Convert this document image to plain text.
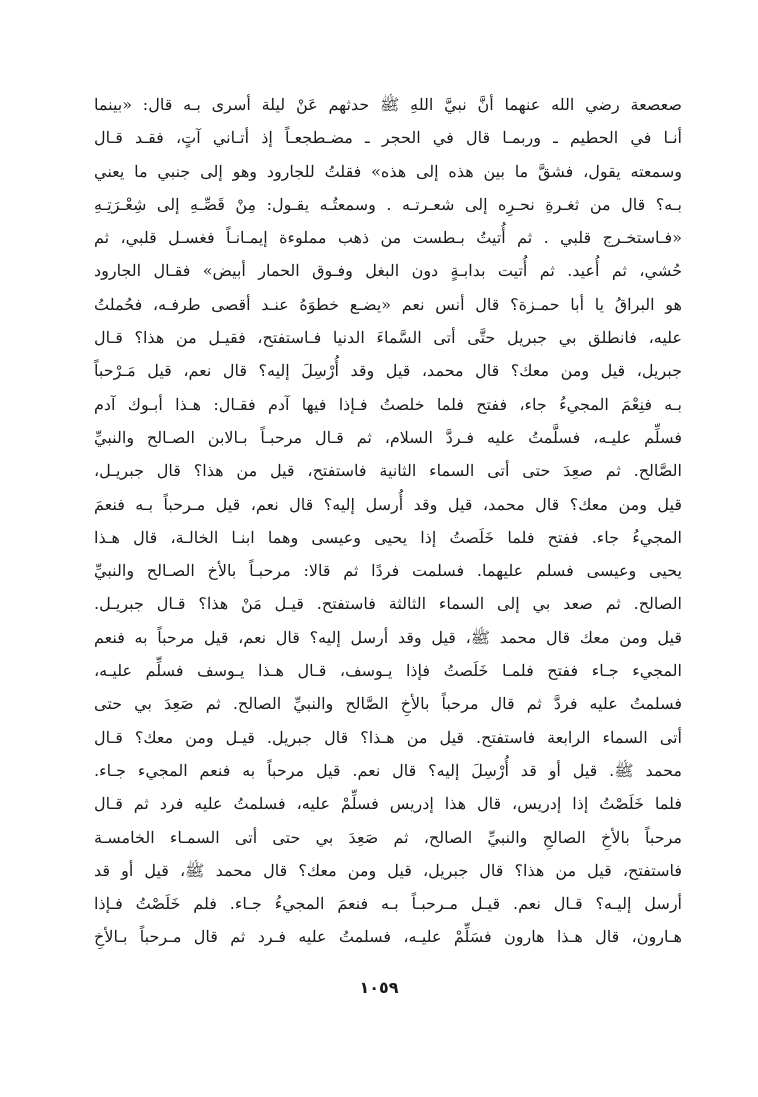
صعصعة رضي الله عنهما أنَّ نبيَّ اللهِ ﷺ حدثهم عَنْ ليلة أسرى بـه قال: «بينما
أنـا في الحطيم ـ وربمـا قال في الحجر ـ مضـطجعـاً إذ أتـاني آتٍ، فقـد قـال
وسمعته يقول، فشقَّ ما بين هذه إلى هذه» فقلتُ للجارود وهو إلى جنبي ما يعني
بـه؟ قال من ثغـرةِ نحـرِه إلى شعـرتـه . وسمعتُـه يقـول: مِنْ قَصِّـهِ إلى شِعْـرَتِـهِ
«فـاستخـرج قلبي . ثم أُتيتُ بـطست من ذهب مملوءة إيمـانـاً فغسـل قلبي، ثم
حُشي، ثم أُعيد. ثم أُتيت بدابـةٍ دون البغل وفـوق الحمار أبيض» فقـال الجارود
هو البراقُ يا أبا حمـزة؟ قال أنس نعم «يضـع خطوَهُ عنـد أقصى طرفـه، فحُملتُ
عليه، فانطلق بي جبريل حتَّى أتى السَّماءَ الدنيا فـاستفتح، فقيـل من هذا؟ قـال
جبريل، قيل ومن معك؟ قال محمد، قيل وقد أُرْسِلَ إليه؟ قال نعم، قيل مَـرْحباً
بـه فنِعْمَ المجيءُ جاء، ففتح فلما خلصتُ فـإذا فيها آدم فقـال: هـذا أبـوك آدم
فسلِّم عليـه، فسلَّمتُ عليه فـردَّ السلام، ثم قـال مرحبـاً بـالابن الصـالح والنبيِّ
الصَّالح. ثم صعِدَ حتى أتى السماء الثانية فاستفتح، قيل من هذا؟ قال جبريـل،
قيل ومن معك؟ قال محمد، قيل وقد أُرسل إليه؟ قال نعم، قيل مـرحباً بـه فنعمَ
المجيءُ جاء. ففتح فلما خَلَصتُ إذا يحيى وعيسى وهما ابنـا الخالـة، قال هـذا
يحيى وعيسى فسلم عليهما. فسلمت فردًا ثم قالا: مرحبـاً بالأخ الصـالح والنبيِّ
الصالح. ثم صعد بي إلى السماء الثالثة فاستفتح. قيـل مَنْ هذا؟ قـال جبريـل.
قيل ومن معك قال محمد ﷺ، قيل وقد أرسل إليه؟ قال نعم، قيل مرحباً به فنعم
المجيء جـاء ففتح فلمـا خَلَصتُ فإذا يـوسف، قـال هـذا يـوسف فسلِّم عليـه،
فسلمتُ عليه فردَّ ثم قال مرحباً بالأخِ الصَّالح والنبيِّ الصالح. ثم صَعِدَ بي حتى
أتى السماء الرابعة فاستفتح. قيل من هـذا؟ قال جبريل. قيـل ومن معك؟ قـال
محمد ﷺ. قيل أو قد أُرْسِلَ إليه؟ قال نعم. قيل مرحباً به فنعم المجيء جـاء.
فلما خَلَصْتُ إذا إدريس، قال هذا إدريس فسلِّمْ عليه، فسلمتُ عليه فرد ثم قـال
مرحباً بالأخِ الصالحِ والنبيِّ الصالح، ثم صَعِدَ بي حتى أتى السمـاء الخامسـة
فاستفتح، قيل من هذا؟ قال جبريل، قيل ومن معك؟ قال محمد ﷺ، قيل أو قد
أرسل إليـه؟ قـال نعم. قيـل مـرحبـاً بـه فنعمَ المجيءُ جـاء. فلم خَلَصْتُ فـإذا
هـارون، قال هـذا هارون فسَلِّمْ عليـه، فسلمتُ عليه فـرد ثم قال مـرحباً بـالأخِ
١٠٥٩
